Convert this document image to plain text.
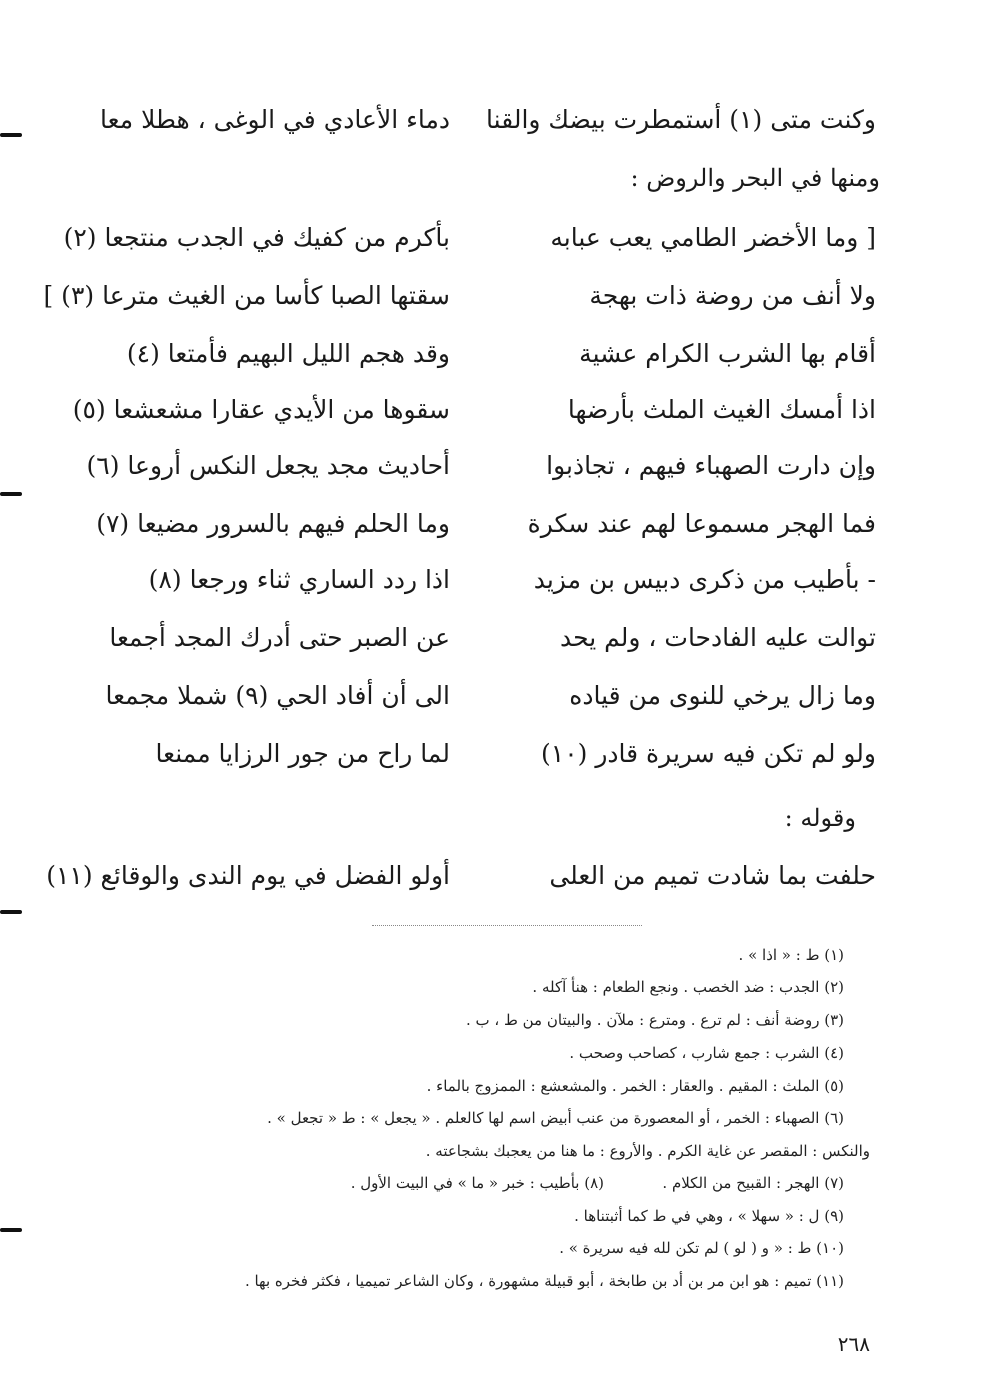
وكنت متى (١) أستمطرت بيضك والقنا
دماء الأعادي في الوغى ، هطلا معا
ومنها في البحر والروض :
[ وما الأخضر الطامي يعب عبابه
بأكرم من كفيك في الجدب منتجعا (٢)
ولا أنف من روضة ذات بهجة
سقتها الصبا كأسا من الغيث مترعا (٣) ]
أقام بها الشرب الكرام عشية
وقد هجم الليل البهيم فأمتعا (٤)
اذا أمسك الغيث الملث بأرضها
سقوها من الأيدي عقارا مشعشعا (٥)
وإن دارت الصهباء فيهم ، تجاذبوا
أحاديث مجد يجعل النكس أروعا (٦)
فما الهجر مسموعا لهم عند سكرة
وما الحلم فيهم بالسرور مضيعا (٧)
- بأطيب من ذكرى دبيس بن مزيد
اذا ردد الساري ثناء ورجعا (٨)
توالت عليه الفادحات ، ولم يحد
عن الصبر حتى أدرك المجد أجمعا
وما زال يرخي للنوى من قياده
الى أن أفاد الحي (٩) شملا مجمعا
ولو لم تكن فيه سريرة قادر (١٠)
لما راح من جور الرزايا ممنعا
وقوله :
حلفت بما شادت تميم من العلى
أولو الفضل في يوم الندى والوقائع (١١)
(١) ط : « اذا » .
(٢) الجدب : ضد الخصب . ونجع الطعام : هنأ آكله .
(٣) روضة أنف : لم ترع . ومترع : ملآن . والبيتان من ط ، ب .
(٤) الشرب : جمع شارب ، كصاحب وصحب .
(٥) الملث : المقيم . والعقار : الخمر . والمشعشع : الممزوج بالماء .
(٦) الصهباء : الخمر ، أو المعصورة من عنب أبيض اسم لها كالعلم . « يجعل » : ط « تجعل » .
والنكس : المقصر عن غاية الكرم . والأروع : ما هنا من يعجبك بشجاعته .
(٧) الهجر : القبيح من الكلام .
(٨) بأطيب : خبر « ما » في البيت الأول .
(٩) ل : « سهلا » ، وهي في ط كما أثبتناها .
(١٠) ط : « و ( لو ) لم تكن لله فيه سريرة » .
(١١) تميم : هو ابن مر بن أد بن طابخة ، أبو قبيلة مشهورة ، وكان الشاعر تميميا ، فكثر فخره بها .
٢٦٨
